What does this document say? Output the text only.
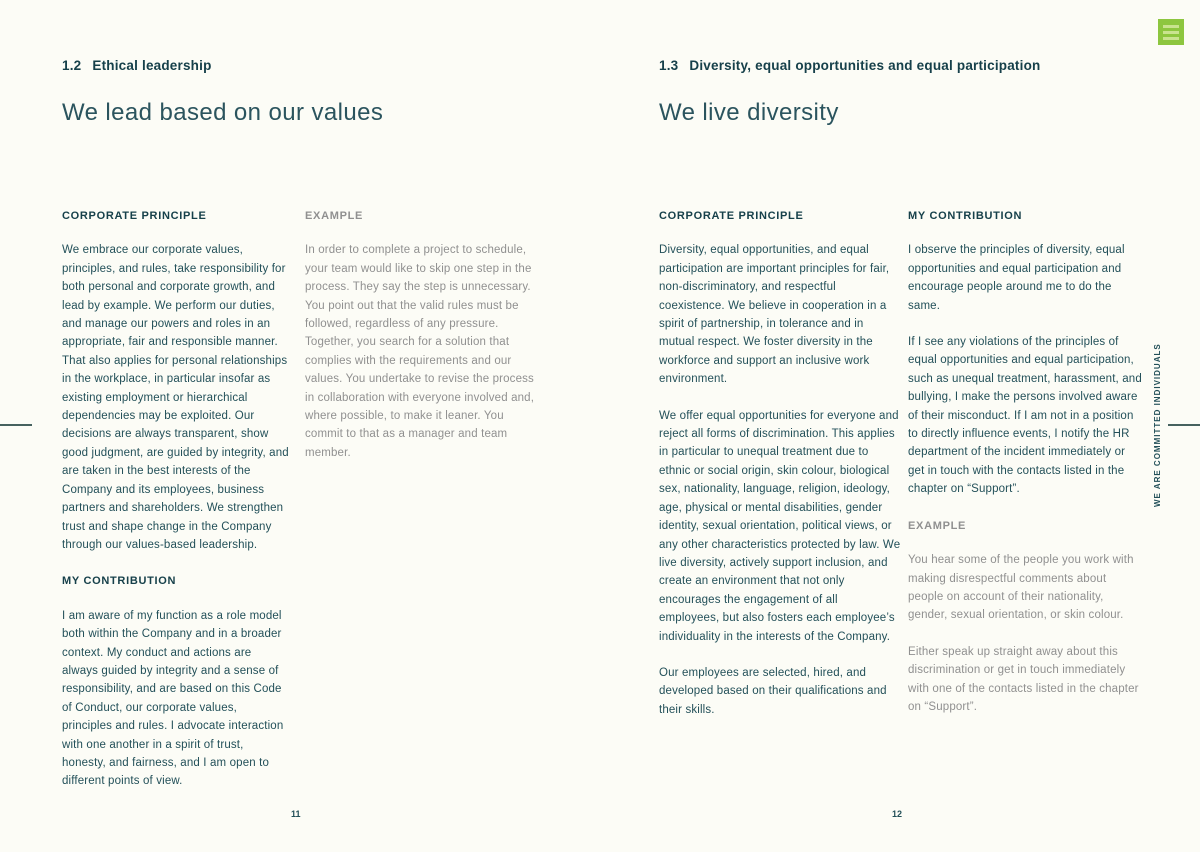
WE ARE COMMITTED INDIVIDUALS
1.2 Ethical leadership
We lead based on our values
CORPORATE PRINCIPLE
We embrace our corporate values, principles, and rules, take responsibility for both personal and corporate growth, and lead by example. We perform our duties, and manage our powers and roles in an appropriate, fair and responsible manner. That also applies for personal relationships in the workplace, in particular insofar as existing employment or hierarchical dependencies may be exploited. Our decisions are always transparent, show good judgment, are guided by integrity, and are taken in the best interests of the Company and its employees, business partners and shareholders. We strengthen trust and shape change in the Company through our values-based leadership.
MY CONTRIBUTION
I am aware of my function as a role model both within the Company and in a broader context. My conduct and actions are always guided by integrity and a sense of responsibility, and are based on this Code of Conduct, our corporate values, principles and rules. I advocate interaction with one another in a spirit of trust, honesty, and fairness, and I am open to different points of view.
EXAMPLE
In order to complete a project to schedule, your team would like to skip one step in the process. They say the step is unnecessary. You point out that the valid rules must be followed, regardless of any pressure. Together, you search for a solution that complies with the requirements and our values. You undertake to revise the process in collaboration with everyone involved and, where possible, to make it leaner. You commit to that as a manager and team member.
11
1.3 Diversity, equal opportunities and equal participation
We live diversity
CORPORATE PRINCIPLE
Diversity, equal opportunities, and equal participation are important principles for fair, non-discriminatory, and respectful coexistence. We believe in cooperation in a spirit of partnership, in tolerance and in mutual respect. We foster diversity in the workforce and support an inclusive work environment.
We offer equal opportunities for everyone and reject all forms of discrimination. This applies in particular to unequal treatment due to ethnic or social origin, skin colour, biological sex, nationality, language, religion, ideology, age, physical or mental disabilities, gender identity, sexual orientation, political views, or any other characteristics protected by law. We live diversity, actively support inclusion, and create an environment that not only encourages the engagement of all employees, but also fosters each employee’s individuality in the interests of the Company.
Our employees are selected, hired, and developed based on their qualifications and their skills.
MY CONTRIBUTION
I observe the principles of diversity, equal opportunities and equal participation and encourage people around me to do the same.
If I see any violations of the principles of equal opportunities and equal participation, such as unequal treatment, harassment, and bullying, I make the persons involved aware of their misconduct. If I am not in a position to directly influence events, I notify the HR department of the incident immediately or get in touch with the contacts listed in the chapter on “Support”.
EXAMPLE
You hear some of the people you work with making disrespectful comments about people on account of their nationality, gender, sexual orientation, or skin colour.
Either speak up straight away about this discrimination or get in touch immediately with one of the contacts listed in the chapter on “Support”.
12
